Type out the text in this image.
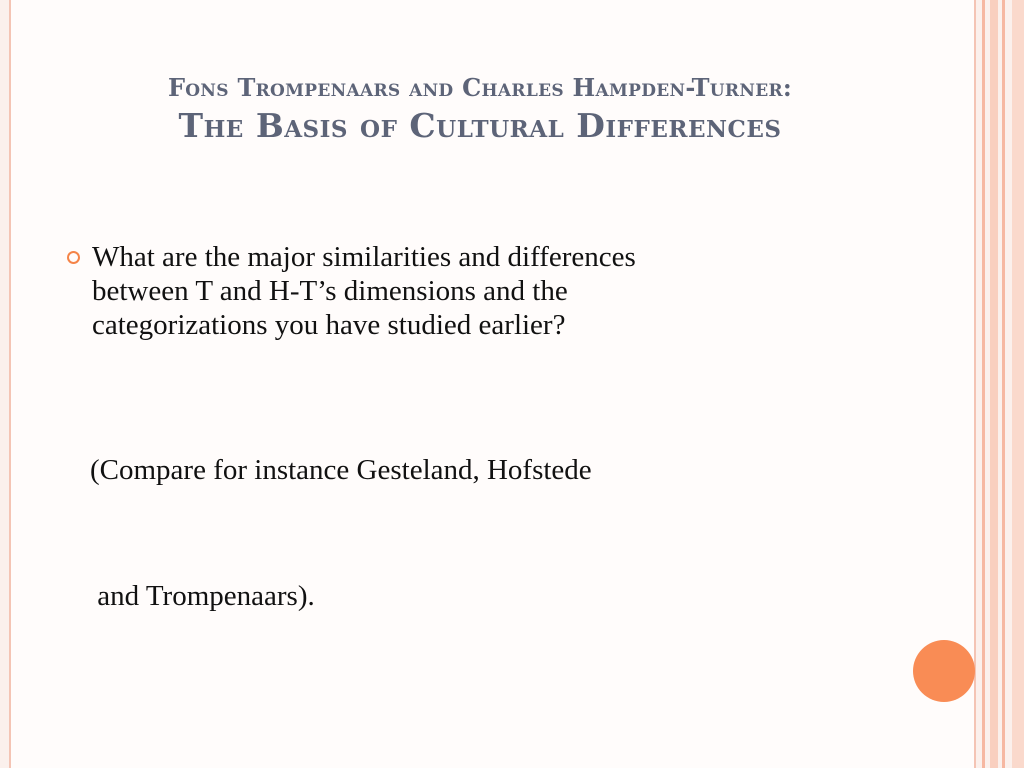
Fons Trompenaars and Charles Hampden-Turner:
The Basis of Cultural Differences
What are the major similarities and differences
between T and H-T’s dimensions and the
categorizations you have studied earlier?

(Compare for instance Gesteland, Hofstede

and Trompenaars).
